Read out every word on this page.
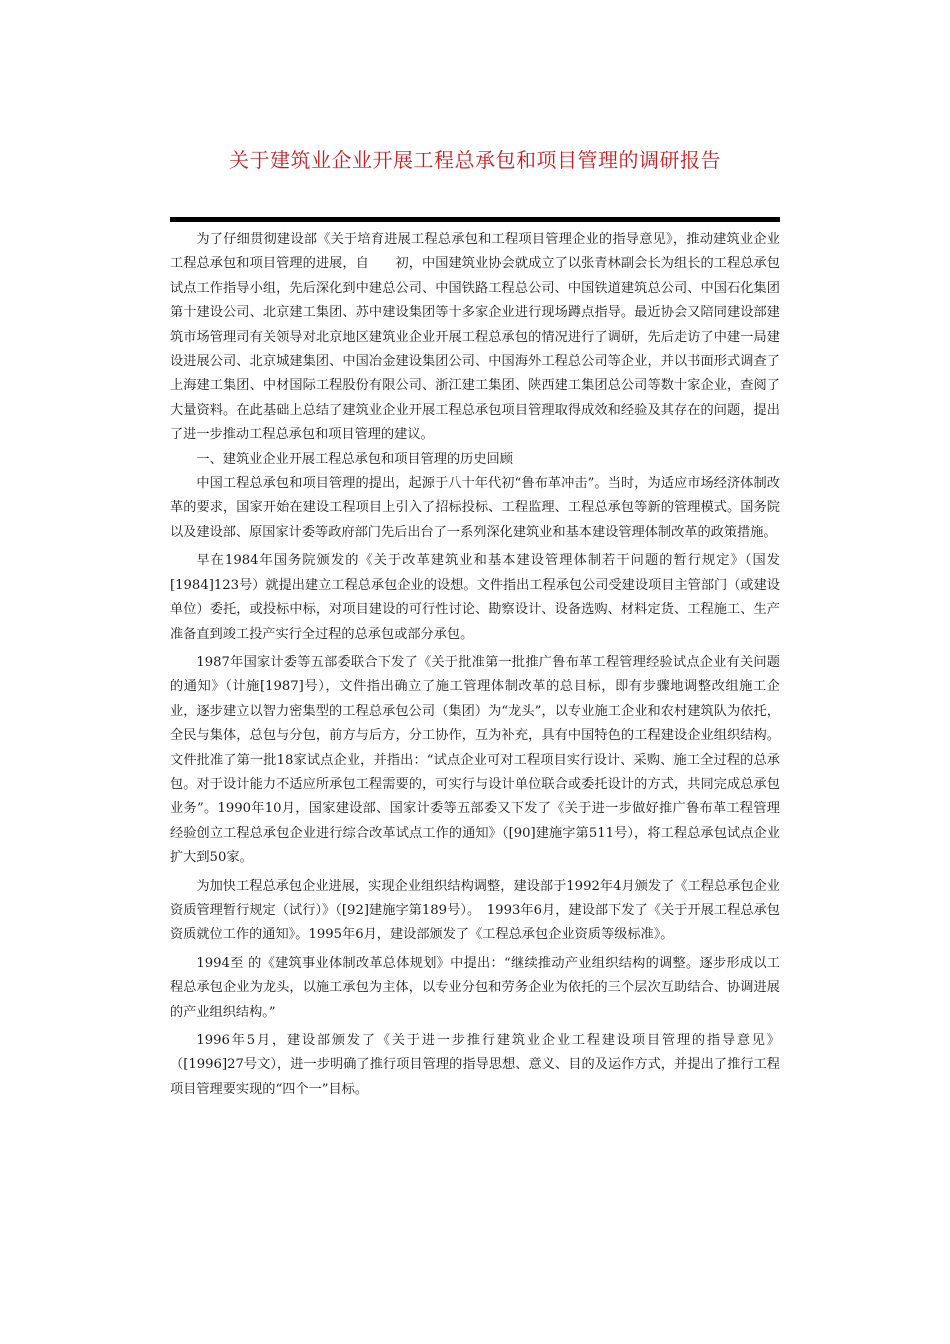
关于建筑业企业开展工程总承包和项目管理的调研报告

为了仔细贯彻建设部《关于培育进展工程总承包和工程项目管理企业的指导意见》，推动建筑业企业工程总承包和项目管理的进展，自　　初，中国建筑业协会就成立了以张青林副会长为组长的工程总承包试点工作指导小组，先后深化到中建总公司、中国铁路工程总公司、中国铁道建筑总公司、中国石化集团第十建设公司、北京建工集团、苏中建设集团等十多家企业进行现场蹲点指导。最近协会又陪同建设部建筑市场管理司有关领导对北京地区建筑业企业开展工程总承包的情况进行了调研，先后走访了中建一局建设进展公司、北京城建集团、中国冶金建设集团公司、中国海外工程总公司等企业，并以书面形式调查了上海建工集团、中材国际工程股份有限公司、浙江建工集团、陕西建工集团总公司等数十家企业，查阅了大量资料。在此基础上总结了建筑业企业开展工程总承包项目管理取得成效和经验及其存在的问题，提出了进一步推动工程总承包和项目管理的建议。

一、建筑业企业开展工程总承包和项目管理的历史回顾

中国工程总承包和项目管理的提出，起源于八十年代初“鲁布革冲击”。当时，为适应市场经济体制改革的要求，国家开始在建设工程项目上引入了招标投标、工程监理、工程总承包等新的管理模式。国务院以及建设部、原国家计委等政府部门先后出台了一系列深化建筑业和基本建设管理体制改革的政策措施。

早在1984年国务院颁发的《关于改革建筑业和基本建设管理体制若干问题的暂行规定》（国发[1984]123号）就提出建立工程总承包企业的设想。文件指出工程承包公司受建设项目主管部门（或建设单位）委托，或投标中标，对项目建设的可行性讨论、勘察设计、设备选购、材料定货、工程施工、生产准备直到竣工投产实行全过程的总承包或部分承包。

1987年国家计委等五部委联合下发了《关于批准第一批推广鲁布革工程管理经验试点企业有关问题的通知》（计施[1987]号），文件指出确立了施工管理体制改革的总目标，即有步骤地调整改组施工企业，逐步建立以智力密集型的工程总承包公司（集团）为“龙头”，以专业施工企业和农村建筑队为依托，全民与集体，总包与分包，前方与后方，分工协作，互为补充，具有中国特色的工程建设企业组织结构。文件批准了第一批18家试点企业，并指出：“试点企业可对工程项目实行设计、采购、施工全过程的总承包。对于设计能力不适应所承包工程需要的，可实行与设计单位联合或委托设计的方式，共同完成总承包业务”。1990年10月，国家建设部、国家计委等五部委又下发了《关于进一步做好推广鲁布革工程管理经验创立工程总承包企业进行综合改革试点工作的通知》（[90]建施字第511号），将工程总承包试点企业扩大到50家。

为加快工程总承包企业进展，实现企业组织结构调整，建设部于1992年4月颁发了《工程总承包企业资质管理暂行规定（试行）》（[92]建施字第189号）。　1993年6月，建设部下发了《关于开展工程总承包资质就位工作的通知》。1995年6月，建设部颁发了《工程总承包企业资质等级标准》。

1994至 的《建筑事业体制改革总体规划》中提出：“继续推动产业组织结构的调整。逐步形成以工程总承包企业为龙头，以施工承包为主体，以专业分包和劳务企业为依托的三个层次互助结合、协调进展的产业组织结构。”

1996年5月，建设部颁发了《关于进一步推行建筑业企业工程建设项目管理的指导意见》（[1996]27号文），进一步明确了推行项目管理的指导思想、意义、目的及运作方式，并提出了推行工程项目管理要实现的“四个一”目标。
